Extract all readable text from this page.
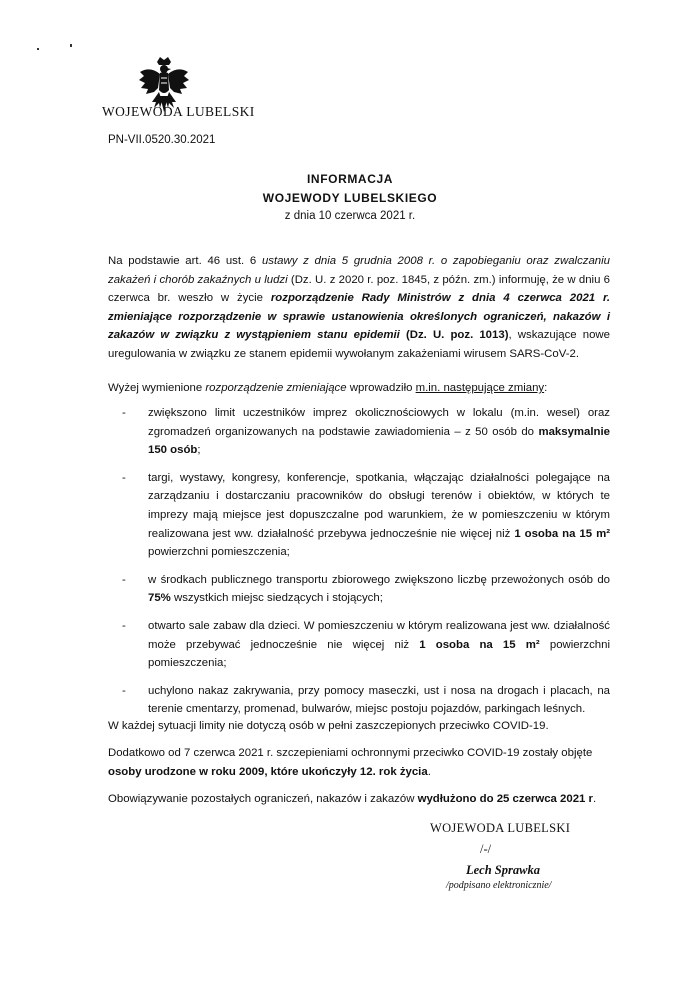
WOJEWODA LUBELSKI
PN-VII.0520.30.2021
INFORMACJA
WOJEWODY LUBELSKIEGO
z dnia 10 czerwca 2021 r.
Na podstawie art. 46 ust. 6 ustawy z dnia 5 grudnia 2008 r. o zapobieganiu oraz zwalczaniu zakażeń i chorób zakaźnych u ludzi (Dz. U. z 2020 r. poz. 1845, z późn. zm.) informuję, że w dniu 6 czerwca br. weszło w życie rozporządzenie Rady Ministrów z dnia 4 czerwca 2021 r. zmieniające rozporządzenie w sprawie ustanowienia określonych ograniczeń, nakazów i zakazów w związku z wystąpieniem stanu epidemii (Dz. U. poz. 1013), wskazujące nowe uregulowania w związku ze stanem epidemii wywołanym zakażeniami wirusem SARS-CoV-2.
Wyżej wymienione rozporządzenie zmieniające wprowadziło m.in. następujące zmiany:
- zwiększono limit uczestników imprez okolicznościowych w lokalu (m.in. wesel) oraz zgromadzeń organizowanych na podstawie zawiadomienia – z 50 osób do maksymalnie 150 osób;
- targi, wystawy, kongresy, konferencje, spotkania, włączając działalności polegające na zarządzaniu i dostarczaniu pracowników do obsługi terenów i obiektów, w których te imprezy mają miejsce jest dopuszczalne pod warunkiem, że w pomieszczeniu w którym realizowana jest ww. działalność przebywa jednocześnie nie więcej niż 1 osoba na 15 m² powierzchni pomieszczenia;
- w środkach publicznego transportu zbiorowego zwiększono liczbę przewożonych osób do 75% wszystkich miejsc siedzących i stojących;
- otwarto sale zabaw dla dzieci. W pomieszczeniu w którym realizowana jest ww. działalność może przebywać jednocześnie nie więcej niż 1 osoba na 15 m² powierzchni pomieszczenia;
- uchylono nakaz zakrywania, przy pomocy maseczki, ust i nosa na drogach i placach, na terenie cmentarzy, promenad, bulwarów, miejsc postoju pojazdów, parkingach leśnych.
W każdej sytuacji limity nie dotyczą osób w pełni zaszczepionych przeciwko COVID-19.
Dodatkowo od 7 czerwca 2021 r. szczepieniami ochronnymi przeciwko COVID-19 zostały objęte osoby urodzone w roku 2009, które ukończyły 12. rok życia.
Obowiązywanie pozostałych ograniczeń, nakazów i zakazów wydłużono do 25 czerwca 2021 r.
WOJEWODA LUBELSKI
/-/
Lech Sprawka
/podpisano elektronicznie/
